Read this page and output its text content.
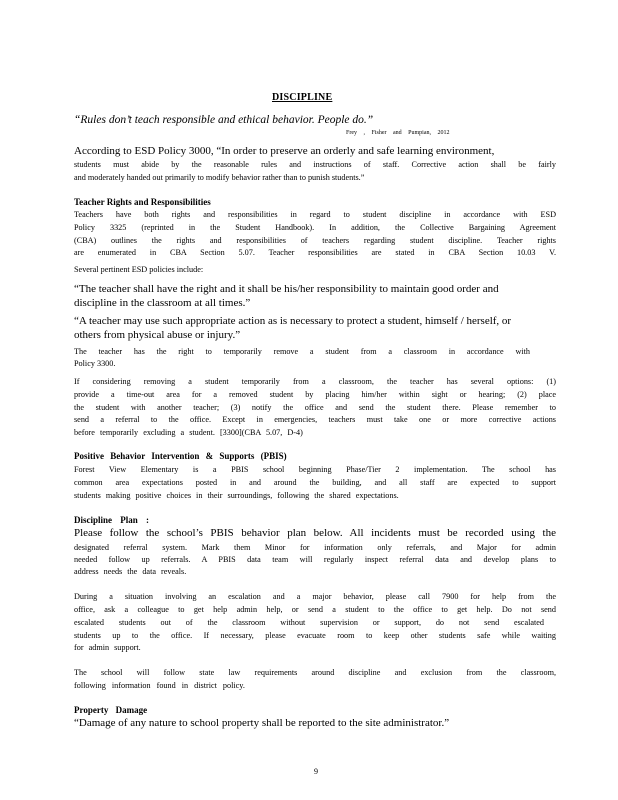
DISCIPLINE
“Rules don’t teach responsible and ethical behavior. People do.”
Frey , Fisher and Pumpian, 2012
According to ESD Policy 3000, “In order to preserve an orderly and safe learning environment,
students must abide by the reasonable rules and instructions of staff. Corrective action shall be fairly
and moderately handed out primarily to modify behavior rather than to punish students.”
Teacher Rights and Responsibilities
Teachers have both rights and responsibilities in regard to student discipline in accordance with ESD
Policy 3325 (reprinted in the Student Handbook). In addition, the Collective Bargaining Agreement
(CBA) outlines the rights and responsibilities of teachers regarding student discipline. Teacher rights
are enumerated in CBA Section 5.07. Teacher responsibilities are stated in CBA Section 10.03 V.
Several pertinent ESD policies include:
“The teacher shall have the right and it shall be his/her responsibility to maintain good order and
discipline in the classroom at all times.”
“A teacher may use such appropriate action as is necessary to protect a student, himself / herself, or
others from physical abuse or injury.”
The teacher has the right to temporarily remove a student from a classroom in accordance with
Policy 3300.
If considering removing a student temporarily from a classroom, the teacher has several options: (1)
provide a time-out area for a removed student by placing him/her within sight or hearing; (2) place
the student with another teacher; (3) notify the office and send the student there. Please remember to
send a referral to the office. Except in emergencies, teachers must take one or more corrective actions
before temporarily excluding a student. [3300](CBA 5.07, D-4)
Positive Behavior Intervention & Supports (PBIS)
Forest View Elementary is a PBIS school beginning Phase/Tier 2 implementation. The school has
common area expectations posted in and around the building, and all staff are expected to support
students making positive choices in their surroundings, following the shared expectations.
Discipline Plan :
Please follow the school’s PBIS behavior plan below. All incidents must be recorded using the
designated referral system. Mark them Minor for information only referrals, and Major for admin
needed follow up referrals. A PBIS data team will regularly inspect referral data and develop plans to
address needs the data reveals.
During a situation involving an escalation and a major behavior, please call 7900 for help from the
office, ask a colleague to get help admin help, or send a student to the office to get help. Do not send
escalated students out of the classroom without supervision or support, do not send escalated
students up to the office. If necessary, please evacuate room to keep other students safe while waiting
for admin support.
The school will follow state law requirements around discipline and exclusion from the classroom,
following information found in district policy.
Property Damage
“Damage of any nature to school property shall be reported to the site administrator.”
9
